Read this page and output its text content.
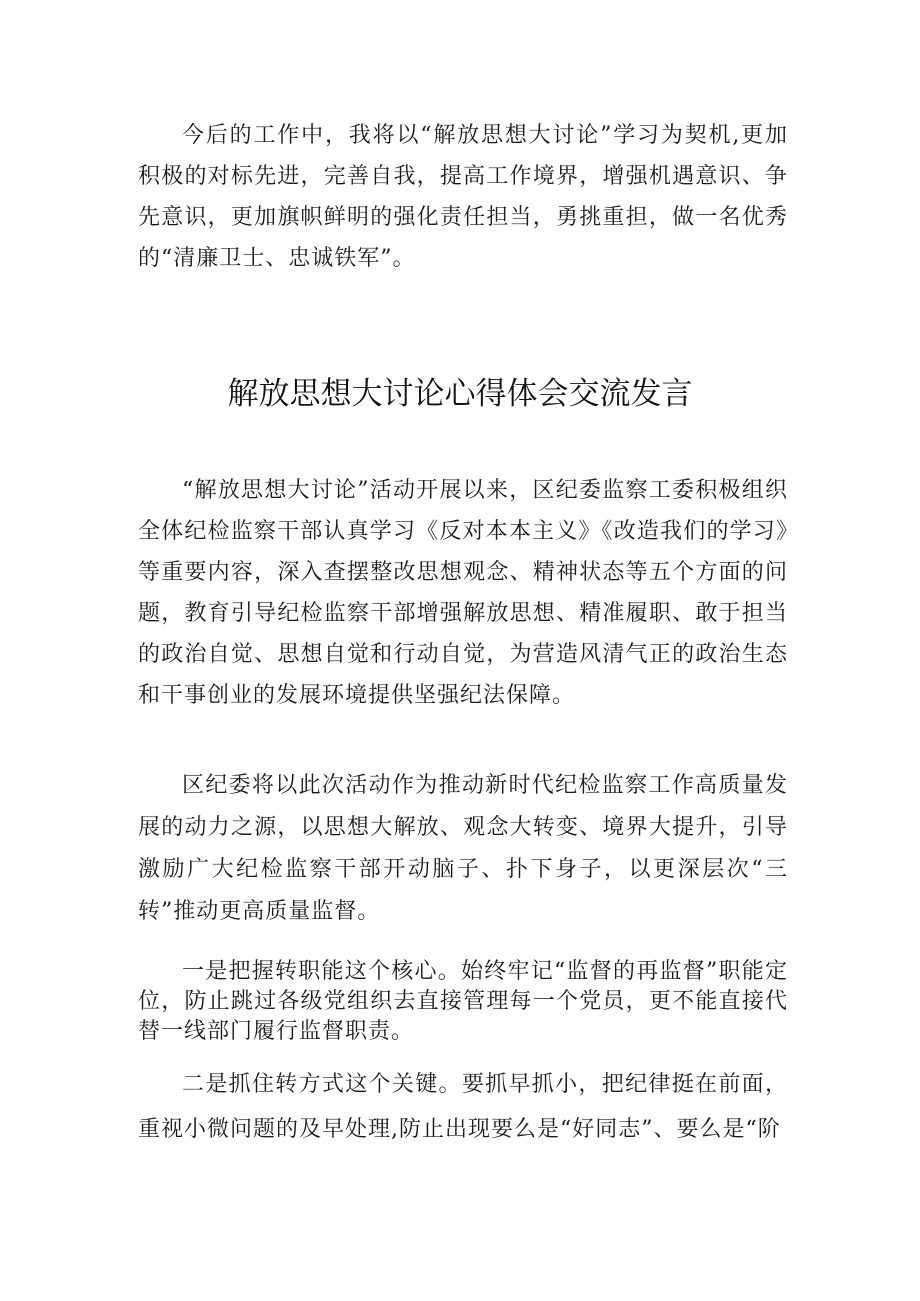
今后的工作中，我将以“解放思想大讨论”学习为契机,更加积极的对标先进，完善自我，提高工作境界，增强机遇意识、争先意识，更加旗帜鲜明的强化责任担当，勇挑重担，做一名优秀的“清廉卫士、忠诚铁军”。

解放思想大讨论心得体会交流发言

“解放思想大讨论”活动开展以来，区纪委监察工委积极组织全体纪检监察干部认真学习《反对本本主义》《改造我们的学习》等重要内容，深入查摆整改思想观念、精神状态等五个方面的问题，教育引导纪检监察干部增强解放思想、精准履职、敢于担当的政治自觉、思想自觉和行动自觉，为营造风清气正的政治生态和干事创业的发展环境提供坚强纪法保障。

区纪委将以此次活动作为推动新时代纪检监察工作高质量发展的动力之源，以思想大解放、观念大转变、境界大提升，引导激励广大纪检监察干部开动脑子、扑下身子，以更深层次“三转”推动更高质量监督。

一是把握转职能这个核心。始终牢记“监督的再监督”职能定位，防止跳过各级党组织去直接管理每一个党员，更不能直接代替一线部门履行监督职责。

二是抓住转方式这个关键。要抓早抓小，把纪律挺在前面，重视小微问题的及早处理,防止出现要么是“好同志”、要么是“阶
